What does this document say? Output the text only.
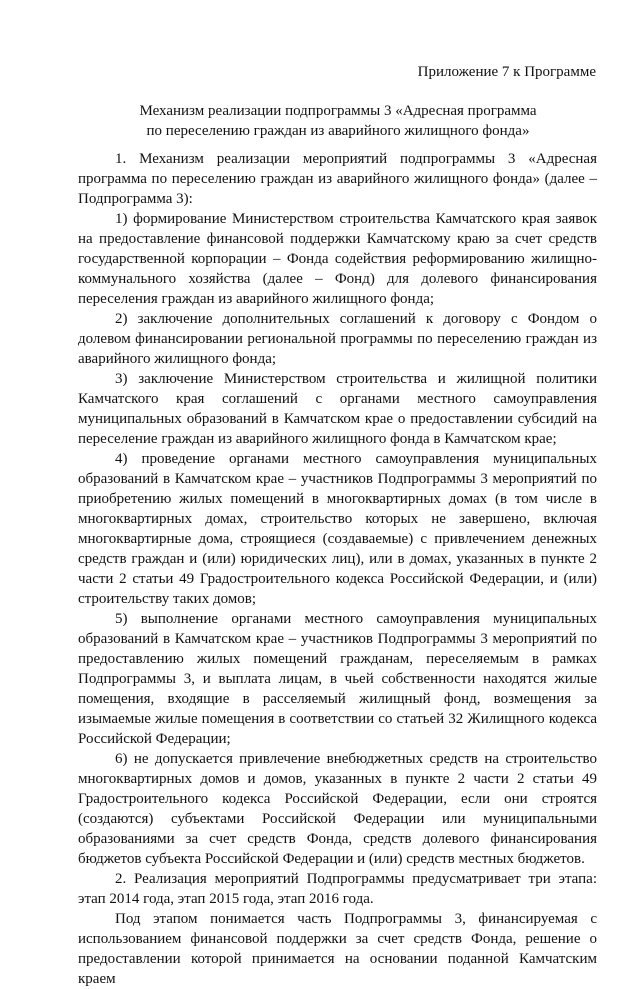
Приложение 7 к Программе
Механизм реализации подпрограммы 3 «Адресная программа
по переселению граждан из аварийного жилищного фонда»

1. Механизм реализации мероприятий подпрограммы 3 «Адресная программа по переселению граждан из аварийного жилищного фонда» (далее – Подпрограмма 3):

1) формирование Министерством строительства Камчатского края заявок на предоставление финансовой поддержки Камчатскому краю за счет средств государственной корпорации – Фонда содействия реформированию жилищно-коммунального хозяйства (далее – Фонд) для долевого финансирования переселения граждан из аварийного жилищного фонда;

2) заключение дополнительных соглашений к договору с Фондом о долевом финансировании региональной программы по переселению граждан из аварийного жилищного фонда;

3) заключение Министерством строительства и жилищной политики Камчатского края соглашений с органами местного самоуправления муниципальных образований в Камчатском крае о предоставлении субсидий на переселение граждан из аварийного жилищного фонда в Камчатском крае;

4) проведение органами местного самоуправления муниципальных образований в Камчатском крае – участников Подпрограммы 3 мероприятий по приобретению жилых помещений в многоквартирных домах (в том числе в многоквартирных домах, строительство которых не завершено, включая многоквартирные дома, строящиеся (создаваемые) с привлечением денежных средств граждан и (или) юридических лиц), или в домах, указанных в пункте 2 части 2 статьи 49 Градостроительного кодекса Российской Федерации, и (или) строительству таких домов;

5) выполнение органами местного самоуправления муниципальных образований в Камчатском крае – участников Подпрограммы 3 мероприятий по предоставлению жилых помещений гражданам, переселяемым в рамках Подпрограммы 3, и выплата лицам, в чьей собственности находятся жилые помещения, входящие в расселяемый жилищный фонд, возмещения за изымаемые жилые помещения в соответствии со статьей 32 Жилищного кодекса Российской Федерации;

6) не допускается привлечение внебюджетных средств на строительство многоквартирных домов и домов, указанных в пункте 2 части 2 статьи 49 Градостроительного кодекса Российской Федерации, если они строятся (создаются) субъектами Российской Федерации или муниципальными образованиями за счет средств Фонда, средств долевого финансирования бюджетов субъекта Российской Федерации и (или) средств местных бюджетов.

2. Реализация мероприятий Подпрограммы предусматривает три этапа: этап 2014 года, этап 2015 года, этап 2016 года.

Под этапом понимается часть Подпрограммы 3, финансируемая с использованием финансовой поддержки за счет средств Фонда, решение о предоставлении которой принимается на основании поданной Камчатским краем
